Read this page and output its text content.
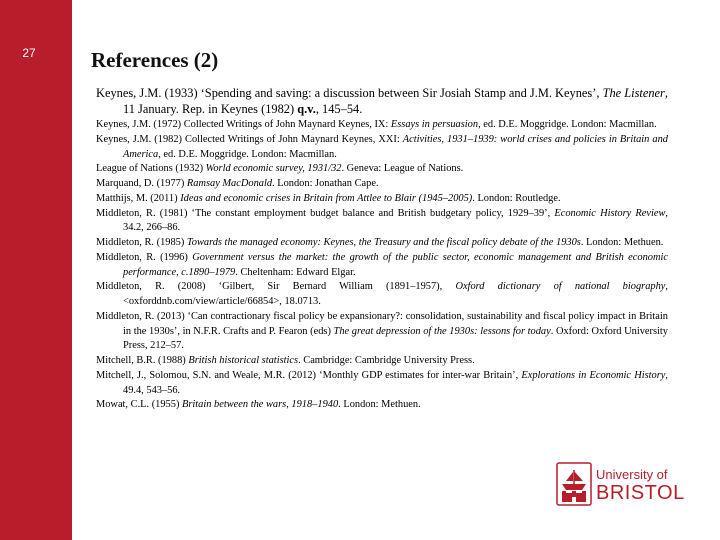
27	References (2)
Keynes, J.M. (1933) ‘Spending and saving: a discussion between Sir Josiah Stamp and J.M. Keynes’, The Listener, 11 January. Rep. in Keynes (1982) q.v., 145–54.
Keynes, J.M. (1972) Collected Writings of John Maynard Keynes, IX: Essays in persuasion, ed. D.E. Moggridge. London: Macmillan.
Keynes, J.M. (1982) Collected Writings of John Maynard Keynes, XXI: Activities, 1931–1939: world crises and policies in Britain and America, ed. D.E. Moggridge. London: Macmillan.
League of Nations (1932) World economic survey, 1931/32. Geneva: League of Nations.
Marquand, D. (1977) Ramsay MacDonald. London: Jonathan Cape.
Matthijs, M. (2011) Ideas and economic crises in Britain from Attlee to Blair (1945–2005). London: Routledge.
Middleton, R. (1981) ‘The constant employment budget balance and British budgetary policy, 1929–39’, Economic History Review, 34.2, 266–86.
Middleton, R. (1985) Towards the managed economy: Keynes, the Treasury and the fiscal policy debate of the 1930s. London: Methuen.
Middleton, R. (1996) Government versus the market: the growth of the public sector, economic management and British economic performance, c.1890–1979. Cheltenham: Edward Elgar.
Middleton, R. (2008) ‘Gilbert, Sir Bernard William (1891–1957), Oxford dictionary of national biography, <oxforddnb.com/view/article/66854>, 18.0713.
Middleton, R. (2013) ‘Can contractionary fiscal policy be expansionary?: consolidation, sustainability and fiscal policy impact in Britain in the 1930s’, in N.F.R. Crafts and P. Fearon (eds) The great depression of the 1930s: lessons for today. Oxford: Oxford University Press, 212–57.
Mitchell, B.R. (1988) British historical statistics. Cambridge: Cambridge University Press.
Mitchell, J., Solomou, S.N. and Weale, M.R. (2012) ‘Monthly GDP estimates for inter-war Britain’, Explorations in Economic History, 49.4, 543–56.
Mowat, C.L. (1955) Britain between the wars, 1918–1940. London: Methuen.
University of
BRISTOL
